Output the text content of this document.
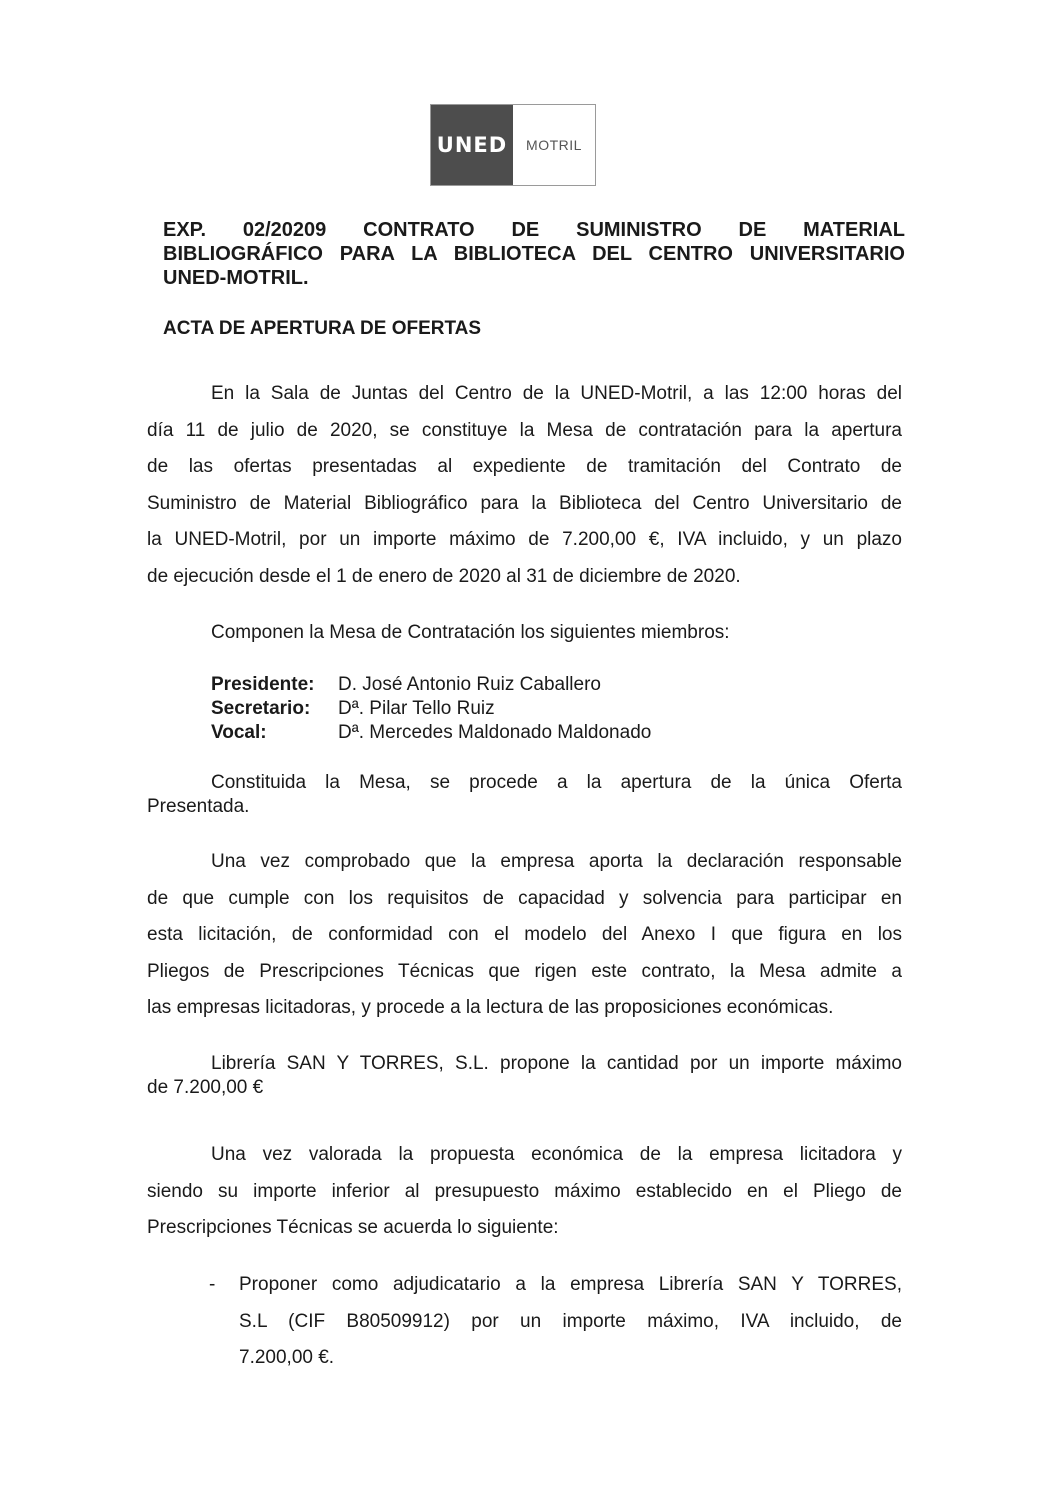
UNED MOTRIL
EXP. 02/20209 CONTRATO DE SUMINISTRO DE MATERIAL
BIBLIOGRÁFICO PARA LA BIBLIOTECA DEL CENTRO UNIVERSITARIO
UNED-MOTRIL.
ACTA DE APERTURA DE OFERTAS

En la Sala de Juntas del Centro de la UNED-Motril, a las 12:00 horas del
día 11 de julio de 2020, se constituye la Mesa de contratación para la apertura
de las ofertas presentadas al expediente de tramitación del Contrato de
Suministro de Material Bibliográfico para la Biblioteca del Centro Universitario de
la UNED-Motril, por un importe máximo de 7.200,00 €, IVA incluido, y un plazo
de ejecución desde el 1 de enero de 2020 al 31 de diciembre de 2020.

Componen la Mesa de Contratación los siguientes miembros:

Presidente:	D. José Antonio Ruiz Caballero
Secretario:	Dª. Pilar Tello Ruiz
Vocal:	Dª. Mercedes Maldonado Maldonado

Constituida la Mesa, se procede a la apertura de la única Oferta
Presentada.

Una vez comprobado que la empresa aporta la declaración responsable
de que cumple con los requisitos de capacidad y solvencia para participar en
esta licitación, de conformidad con el modelo del Anexo I que figura en los
Pliegos de Prescripciones Técnicas que rigen este contrato, la Mesa admite a
las empresas licitadoras, y procede a la lectura de las proposiciones económicas.

Librería SAN Y TORRES, S.L. propone la cantidad por un importe máximo
de 7.200,00 €

Una vez valorada la propuesta económica de la empresa licitadora y
siendo su importe inferior al presupuesto máximo establecido en el Pliego de
Prescripciones Técnicas se acuerda lo siguiente:

-	Proponer como adjudicatario a la empresa Librería SAN Y TORRES,
S.L (CIF B80509912) por un importe máximo, IVA incluido, de
7.200,00 €.
